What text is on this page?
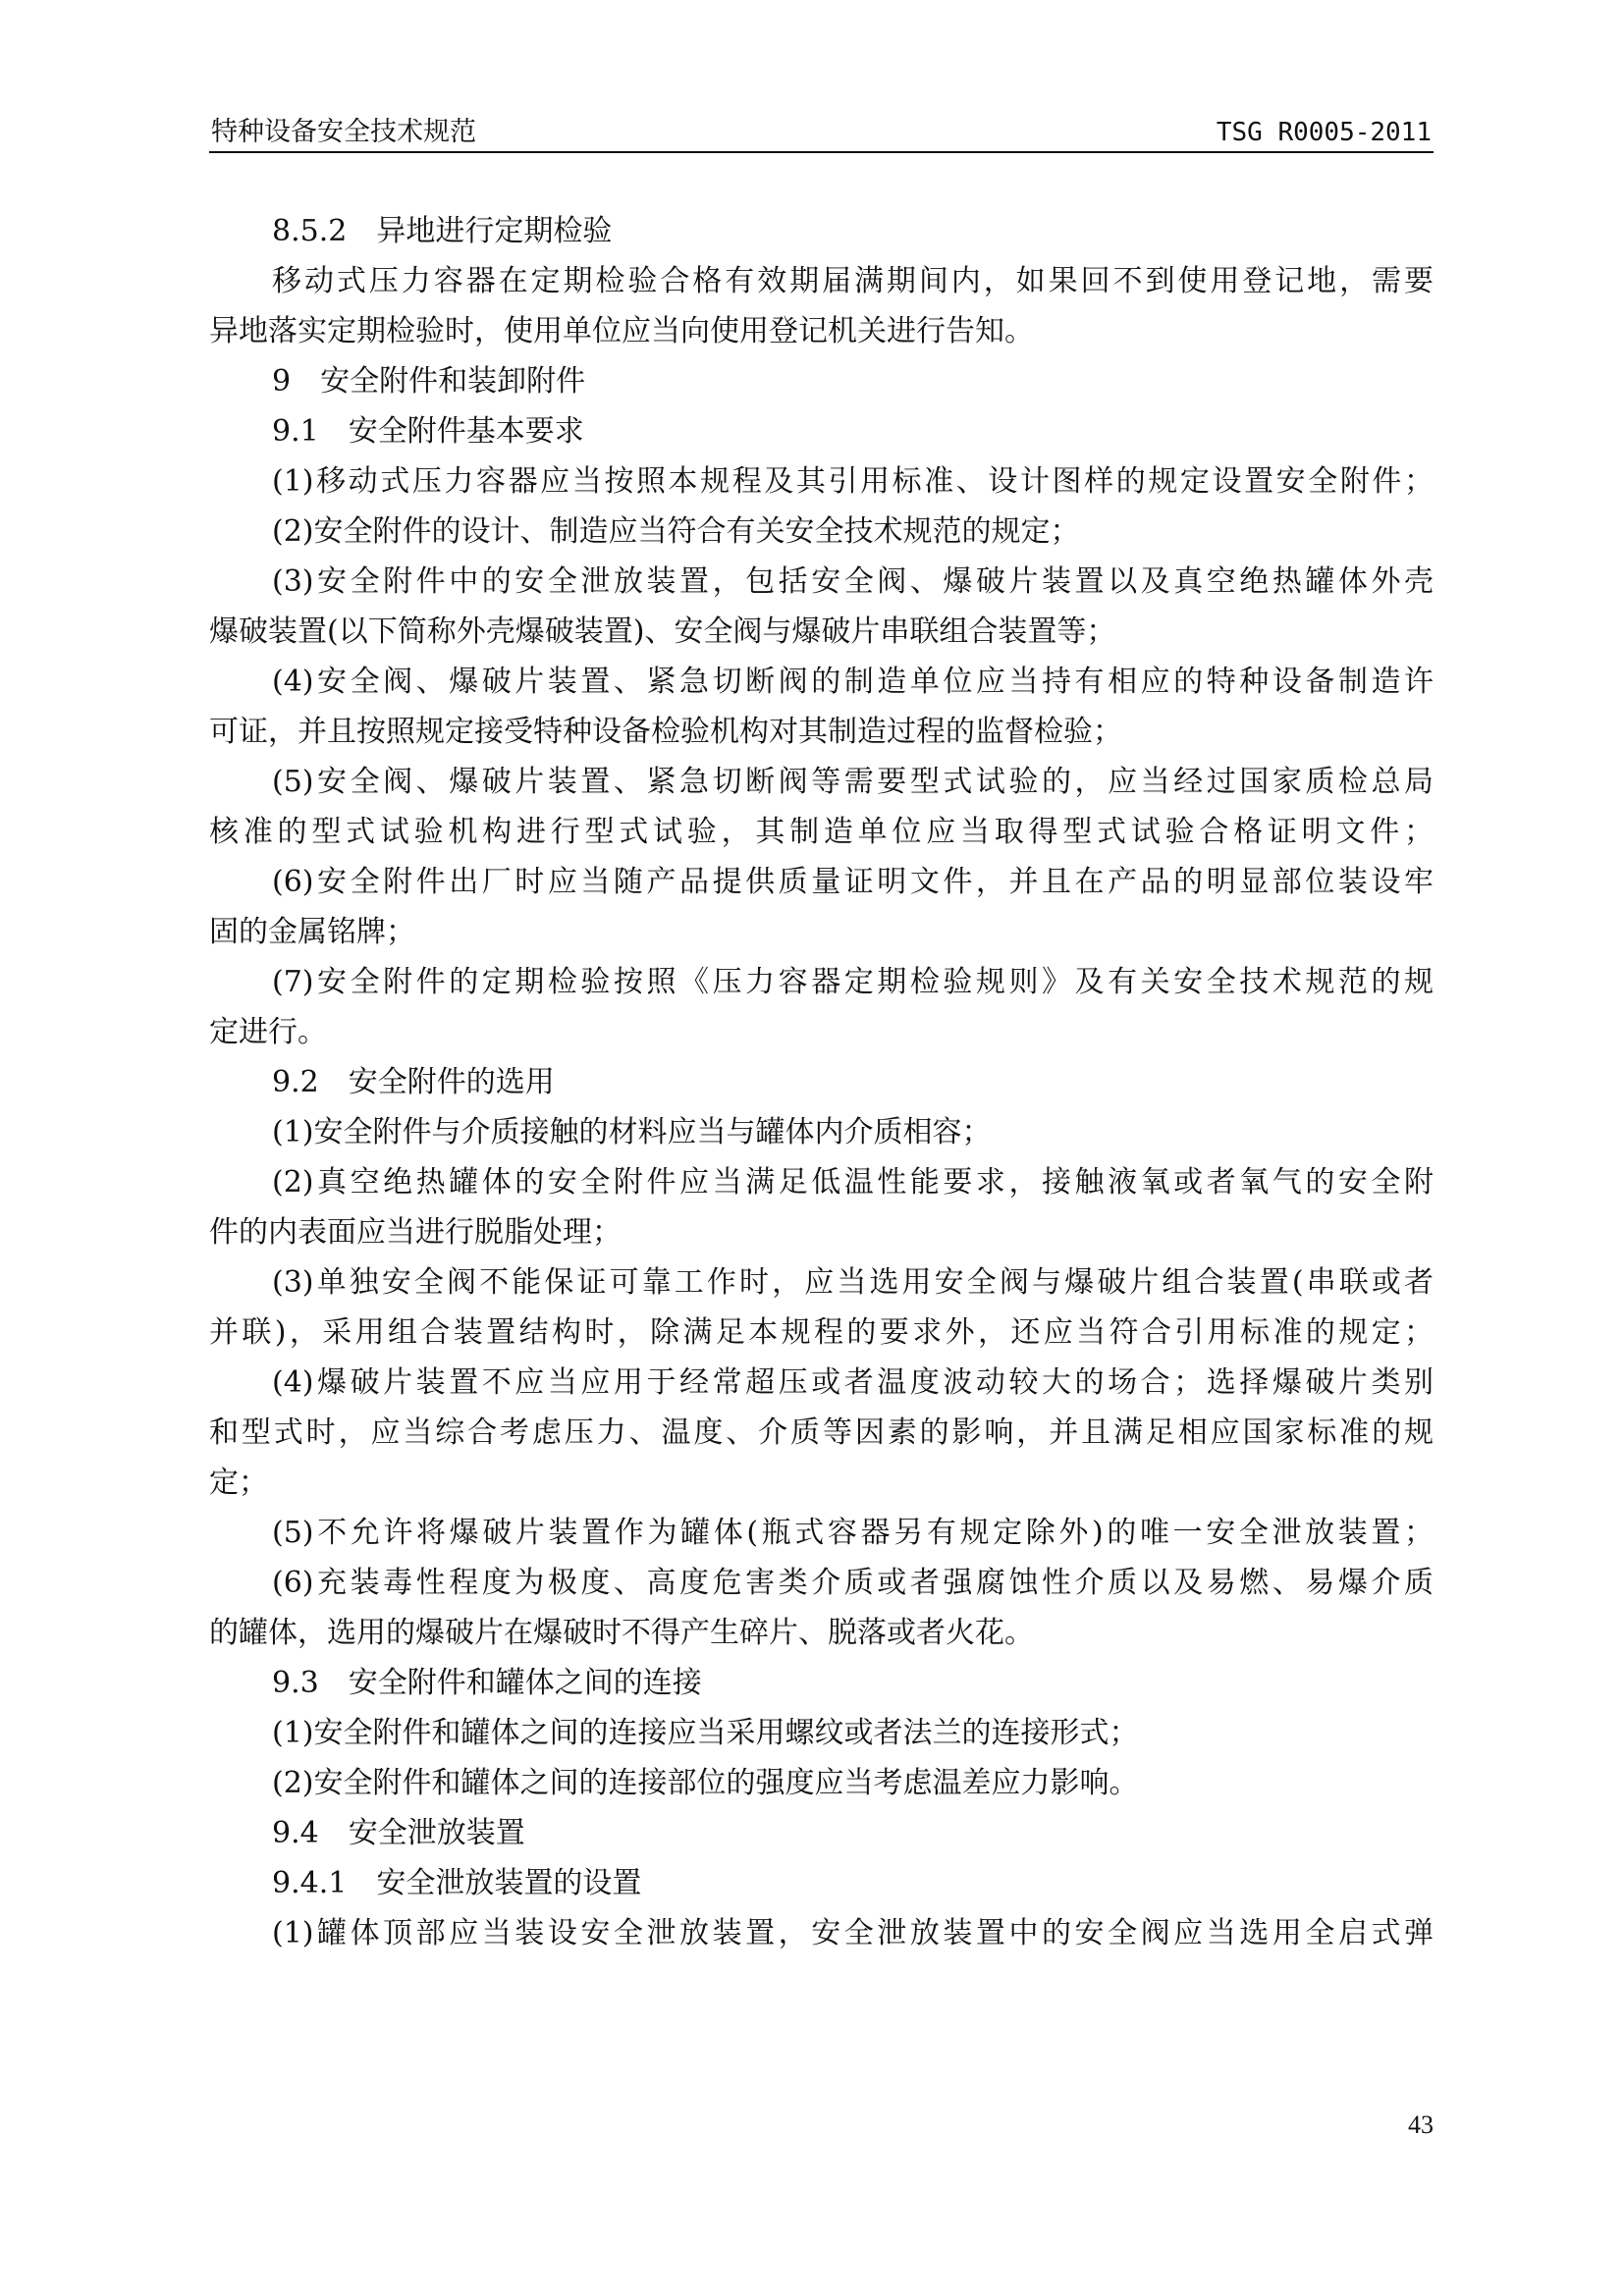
特种设备安全技术规范	TSG R0005-2011
8.5.2　异地进行定期检验
移动式压力容器在定期检验合格有效期届满期间内，如果回不到使用登记地，需要
异地落实定期检验时，使用单位应当向使用登记机关进行告知。
9　安全附件和装卸附件
9.1　安全附件基本要求
(1)移动式压力容器应当按照本规程及其引用标准、设计图样的规定设置安全附件；
(2)安全附件的设计、制造应当符合有关安全技术规范的规定；
(3)安全附件中的安全泄放装置，包括安全阀、爆破片装置以及真空绝热罐体外壳
爆破装置(以下简称外壳爆破装置)、安全阀与爆破片串联组合装置等；
(4)安全阀、爆破片装置、紧急切断阀的制造单位应当持有相应的特种设备制造许
可证，并且按照规定接受特种设备检验机构对其制造过程的监督检验；
(5)安全阀、爆破片装置、紧急切断阀等需要型式试验的，应当经过国家质检总局
核准的型式试验机构进行型式试验，其制造单位应当取得型式试验合格证明文件；
(6)安全附件出厂时应当随产品提供质量证明文件，并且在产品的明显部位装设牢
固的金属铭牌；
(7)安全附件的定期检验按照《压力容器定期检验规则》及有关安全技术规范的规
定进行。
9.2　安全附件的选用
(1)安全附件与介质接触的材料应当与罐体内介质相容；
(2)真空绝热罐体的安全附件应当满足低温性能要求，接触液氧或者氧气的安全附
件的内表面应当进行脱脂处理；
(3)单独安全阀不能保证可靠工作时，应当选用安全阀与爆破片组合装置(串联或者
并联)，采用组合装置结构时，除满足本规程的要求外，还应当符合引用标准的规定；
(4)爆破片装置不应当应用于经常超压或者温度波动较大的场合；选择爆破片类别
和型式时，应当综合考虑压力、温度、介质等因素的影响，并且满足相应国家标准的规
定；
(5)不允许将爆破片装置作为罐体(瓶式容器另有规定除外)的唯一安全泄放装置；
(6)充装毒性程度为极度、高度危害类介质或者强腐蚀性介质以及易燃、易爆介质
的罐体，选用的爆破片在爆破时不得产生碎片、脱落或者火花。
9.3　安全附件和罐体之间的连接
(1)安全附件和罐体之间的连接应当采用螺纹或者法兰的连接形式；
(2)安全附件和罐体之间的连接部位的强度应当考虑温差应力影响。
9.4　安全泄放装置
9.4.1　安全泄放装置的设置
(1)罐体顶部应当装设安全泄放装置，安全泄放装置中的安全阀应当选用全启式弹
43
